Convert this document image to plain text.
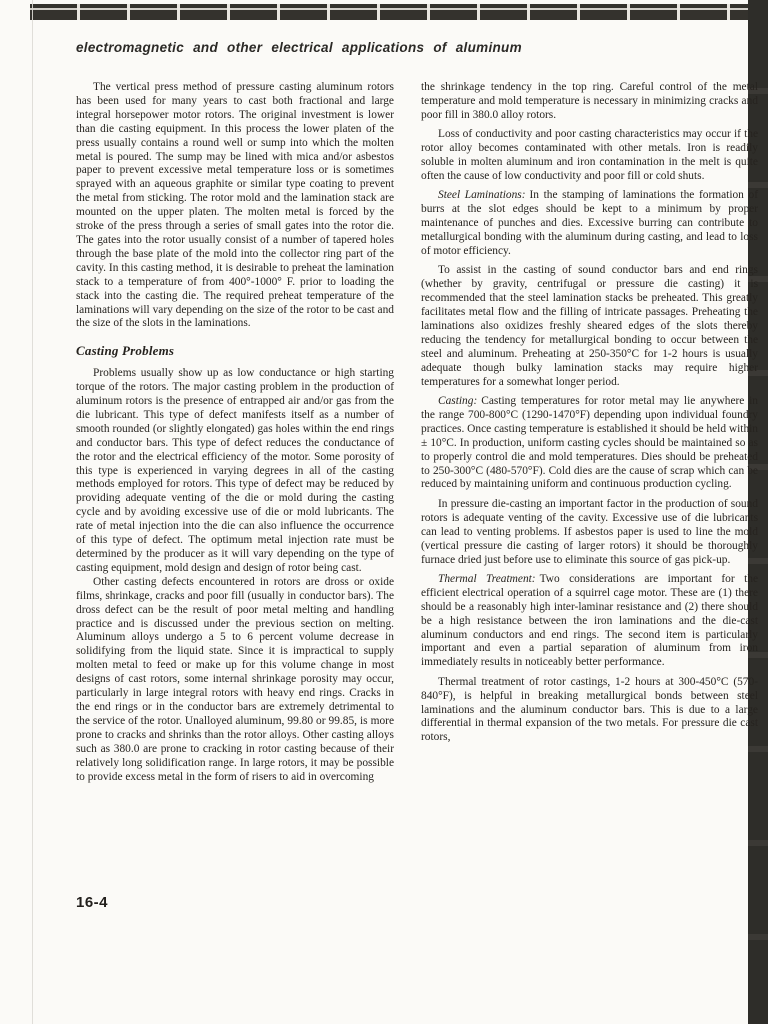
electromagnetic and other electrical applications of aluminum

The vertical press method of pressure casting aluminum rotors has been used for many years to cast both fractional and large integral horsepower motor rotors. The original investment is lower than die casting equipment. In this process the lower platen of the press usually contains a round well or sump into which the molten metal is poured. The sump may be lined with mica and/or asbestos paper to prevent excessive metal temperature loss or is sometimes sprayed with an aqueous graphite or similar type coating to prevent the metal from sticking. The rotor mold and the lamination stack are mounted on the upper platen. The molten metal is forced by the stroke of the press through a series of small gates into the rotor die. The gates into the rotor usually consist of a number of tapered holes through the base plate of the mold into the collector ring part of the cavity. In this casting method, it is desirable to preheat the lamination stack to a temperature of from 400°-1000° F. prior to loading the stack into the casting die. The required preheat temperature of the laminations will vary depending on the size of the rotor to be cast and the size of the slots in the laminations.

Casting Problems

Problems usually show up as low conductance or high starting torque of the rotors. The major casting problem in the production of aluminum rotors is the presence of entrapped air and/or gas from the die lubricant. This type of defect manifests itself as a number of smooth rounded (or slightly elongated) gas holes within the end rings and conductor bars. This type of defect reduces the conductance of the rotor and the electrical efficiency of the motor. Some porosity of this type is experienced in varying degrees in all of the casting methods employed for rotors. This type of defect may be reduced by providing adequate venting of the die or mold during the casting cycle and by avoiding excessive use of die or mold lubricants. The rate of metal injection into the die can also influence the occurrence of this type of defect. The optimum metal injection rate must be determined by the producer as it will vary depending on the type of casting equipment, mold design and design of rotor being cast.

Other casting defects encountered in rotors are dross or oxide films, shrinkage, cracks and poor fill (usually in conductor bars). The dross defect can be the result of poor metal melting and handling practice and is discussed under the previous section on melting. Aluminum alloys undergo a 5 to 6 percent volume decrease in solidifying from the liquid state. Since it is impractical to supply molten metal to feed or make up for this volume change in most designs of cast rotors, some internal shrinkage porosity may occur, particularly in large integral rotors with heavy end rings. Cracks in the end rings or in the conductor bars are extremely detrimental to the service of the rotor. Unalloyed aluminum, 99.80 or 99.85, is more prone to cracks and shrinks than the rotor alloys. Other casting alloys such as 380.0 are prone to cracking in rotor casting because of their relatively long solidification range. In large rotors, it may be possible to provide excess metal in the form of risers to aid in overcoming

the shrinkage tendency in the top ring. Careful control of the metal temperature and mold temperature is necessary in minimizing cracks and poor fill in 380.0 alloy rotors.

Loss of conductivity and poor casting characteristics may occur if the rotor alloy becomes contaminated with other metals. Iron is readily soluble in molten aluminum and iron contamination in the melt is quite often the cause of low conductivity and poor fill or cold shuts.

Steel Laminations: In the stamping of laminations the formation of burrs at the slot edges should be kept to a minimum by proper maintenance of punches and dies. Excessive burring can contribute to metallurgical bonding with the aluminum during casting, and lead to loss of motor efficiency.

To assist in the casting of sound conductor bars and end rings (whether by gravity, centrifugal or pressure die casting) it is recommended that the steel lamination stacks be preheated. This greatly facilitates metal flow and the filling of intricate passages. Preheating the laminations also oxidizes freshly sheared edges of the slots thereby reducing the tendency for metallurgical bonding to occur between the steel and aluminum. Preheating at 250-350°C for 1-2 hours is usually adequate though bulky lamination stacks may require higher temperatures for a somewhat longer period.

Casting: Casting temperatures for rotor metal may lie anywhere in the range 700-800°C (1290-1470°F) depending upon individual foundry practices. Once casting temperature is established it should be held within ± 10°C. In production, uniform casting cycles should be maintained so as to properly control die and mold temperatures. Dies should be preheated to 250-300°C (480-570°F). Cold dies are the cause of scrap which can be reduced by maintaining uniform and continuous production cycling.

In pressure die-casting an important factor in the production of sound rotors is adequate venting of the cavity. Excessive use of die lubricants can lead to venting problems. If asbestos paper is used to line the mold (vertical pressure die casting of larger rotors) it should be thoroughly furnace dried just before use to eliminate this source of gas pick-up.

Thermal Treatment: Two considerations are important for the efficient electrical operation of a squirrel cage motor. These are (1) there should be a reasonably high inter-laminar resistance and (2) there should be a high resistance between the iron laminations and the die-cast aluminum conductors and end rings. The second item is particularly important and even a partial separation of aluminum from iron immediately results in noticeably better performance.

Thermal treatment of rotor castings, 1-2 hours at 300-450°C (570-840°F), is helpful in breaking metallurgical bonds between steel laminations and the aluminum conductor bars. This is due to a large differential in thermal expansion of the two metals. For pressure die cast rotors,

16-4
